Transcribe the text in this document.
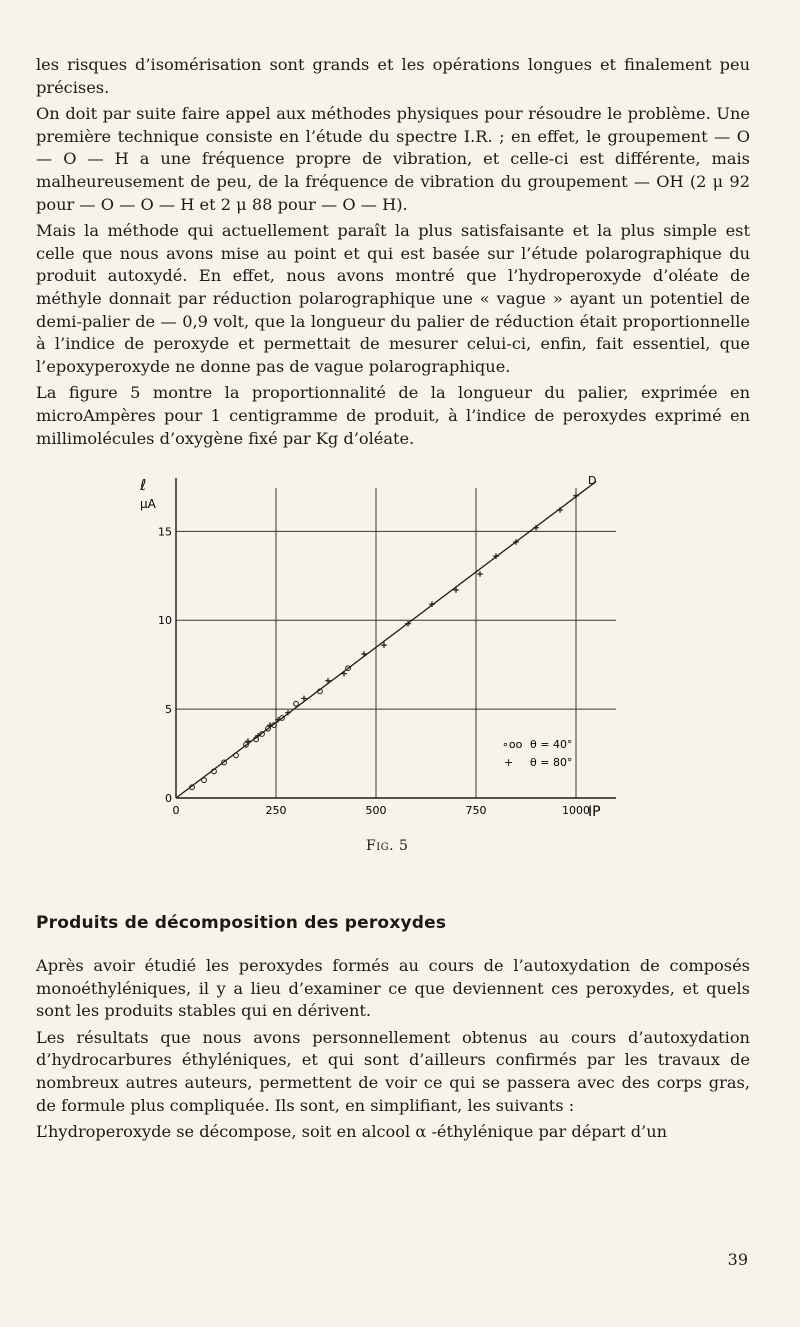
les risques d’isomérisation sont grands et les opérations longues et finalement peu précises.

On doit par suite faire appel aux méthodes physiques pour résoudre le problème. Une première technique consiste en l’étude du spectre I.R. ; en effet, le groupement — O — O — H a une fréquence propre de vibration, et celle-ci est différente, mais malheureusement de peu, de la fréquence de vibration du groupement — OH (2 μ 92 pour — O — O — H et 2 μ 88 pour — O — H).

Mais la méthode qui actuellement paraît la plus satisfaisante et la plus simple est celle que nous avons mise au point et qui est basée sur l’étude polarographique du produit autoxydé. En effet, nous avons montré que l’hydroperoxyde d’oléate de méthyle donnait par réduction polarographique une « vague » ayant un potentiel de demi-palier de — 0,9 volt, que la longueur du palier de réduction était proportionnelle à l’indice de peroxyde et permettait de mesurer celui-ci, enfin, fait essentiel, que l’epoxyperoxyde ne donne pas de vague polarographique.

La figure 5 montre la proportionnalité de la longueur du palier, exprimée en microAmpères pour 1 centigramme de produit, à l’indice de peroxydes exprimé en millimolécules d’oxygène fixé par Kg d’oléate.

0	250	500	750	1000
0
5
10
15
ℓ
μA
IP
D
∘oo θ = 40°
+ θ = 80°
Fig. 5
Produits de décomposition des peroxydes

Après avoir étudié les peroxydes formés au cours de l’autoxydation de composés monoéthyléniques, il y a lieu d’examiner ce que deviennent ces peroxydes, et quels sont les produits stables qui en dérivent.

Les résultats que nous avons personnellement obtenus au cours d’autoxydation d’hydrocarbures éthyléniques, et qui sont d’ailleurs confirmés par les travaux de nombreux autres auteurs, permettent de voir ce qui se passera avec des corps gras, de formule plus compliquée. Ils sont, en simplifiant, les suivants :

L’hydroperoxyde se décompose, soit en alcool α -éthylénique par départ d’un

39
